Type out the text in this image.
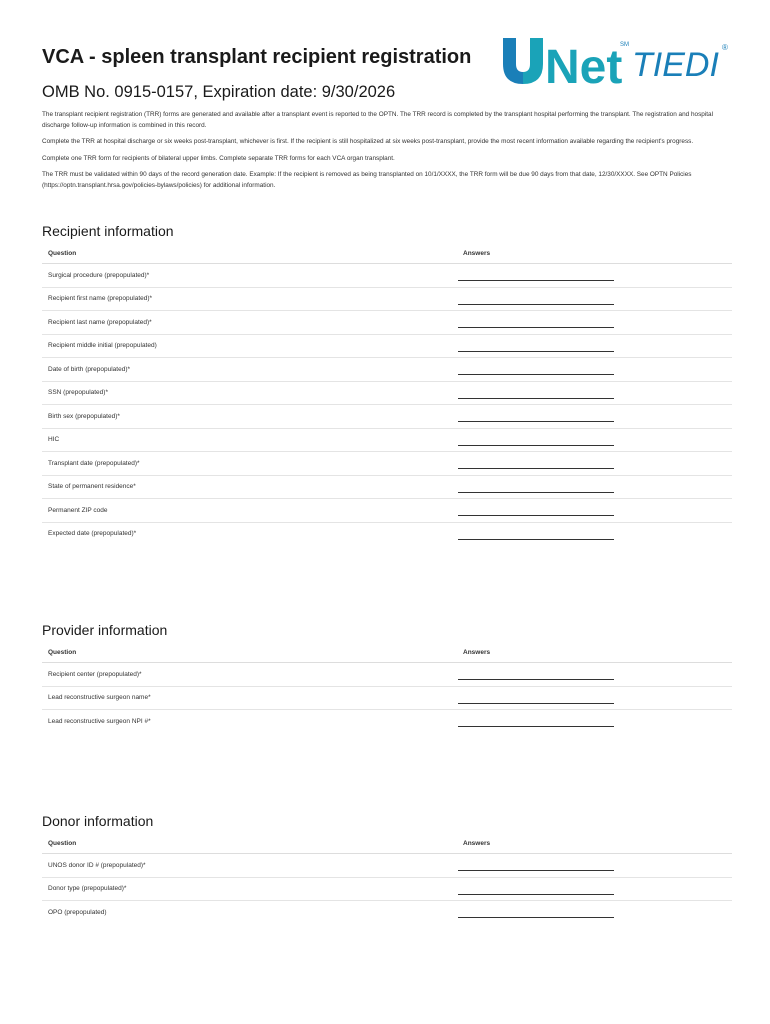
VCA - spleen transplant recipient registration
OMB No. 0915-0157, Expiration date: 9/30/2026	Net
SM
TIEDI ®

The transplant recipient registration (TRR) forms are generated and available after a transplant event is reported to the OPTN. The TRR record is completed by the transplant hospital performing the transplant. The registration and hospital discharge follow-up information is combined in this record.

Complete the TRR at hospital discharge or six weeks post-transplant, whichever is first. If the recipient is still hospitalized at six weeks post-transplant, provide the most recent information available regarding the recipient's progress.

Complete one TRR form for recipients of bilateral upper limbs. Complete separate TRR forms for each VCA organ transplant.

The TRR must be validated within 90 days of the record generation date. Example: If the recipient is removed as being transplanted on 10/1/XXXX, the TRR form will be due 90 days from that date, 12/30/XXXX. See OPTN Policies (https://optn.transplant.hrsa.gov/policies-bylaws/policies) for additional information.

Recipient information
Question	Answers
Surgical procedure (prepopulated)*
Recipient first name (prepopulated)*
Recipient last name (prepopulated)*
Recipient middle initial (prepopulated)
Date of birth (prepopulated)*
SSN (prepopulated)*
Birth sex (prepopulated)*
HIC
Transplant date (prepopulated)*
State of permanent residence*
Permanent ZIP code
Expected date (prepopulated)*
Provider information
Question	Answers
Recipient center (prepopulated)*
Lead reconstructive surgeon name*
Lead reconstructive surgeon NPI #*
Donor information
Question	Answers
UNOS donor ID # (prepopulated)*
Donor type (prepopulated)*
OPO (prepopulated)
